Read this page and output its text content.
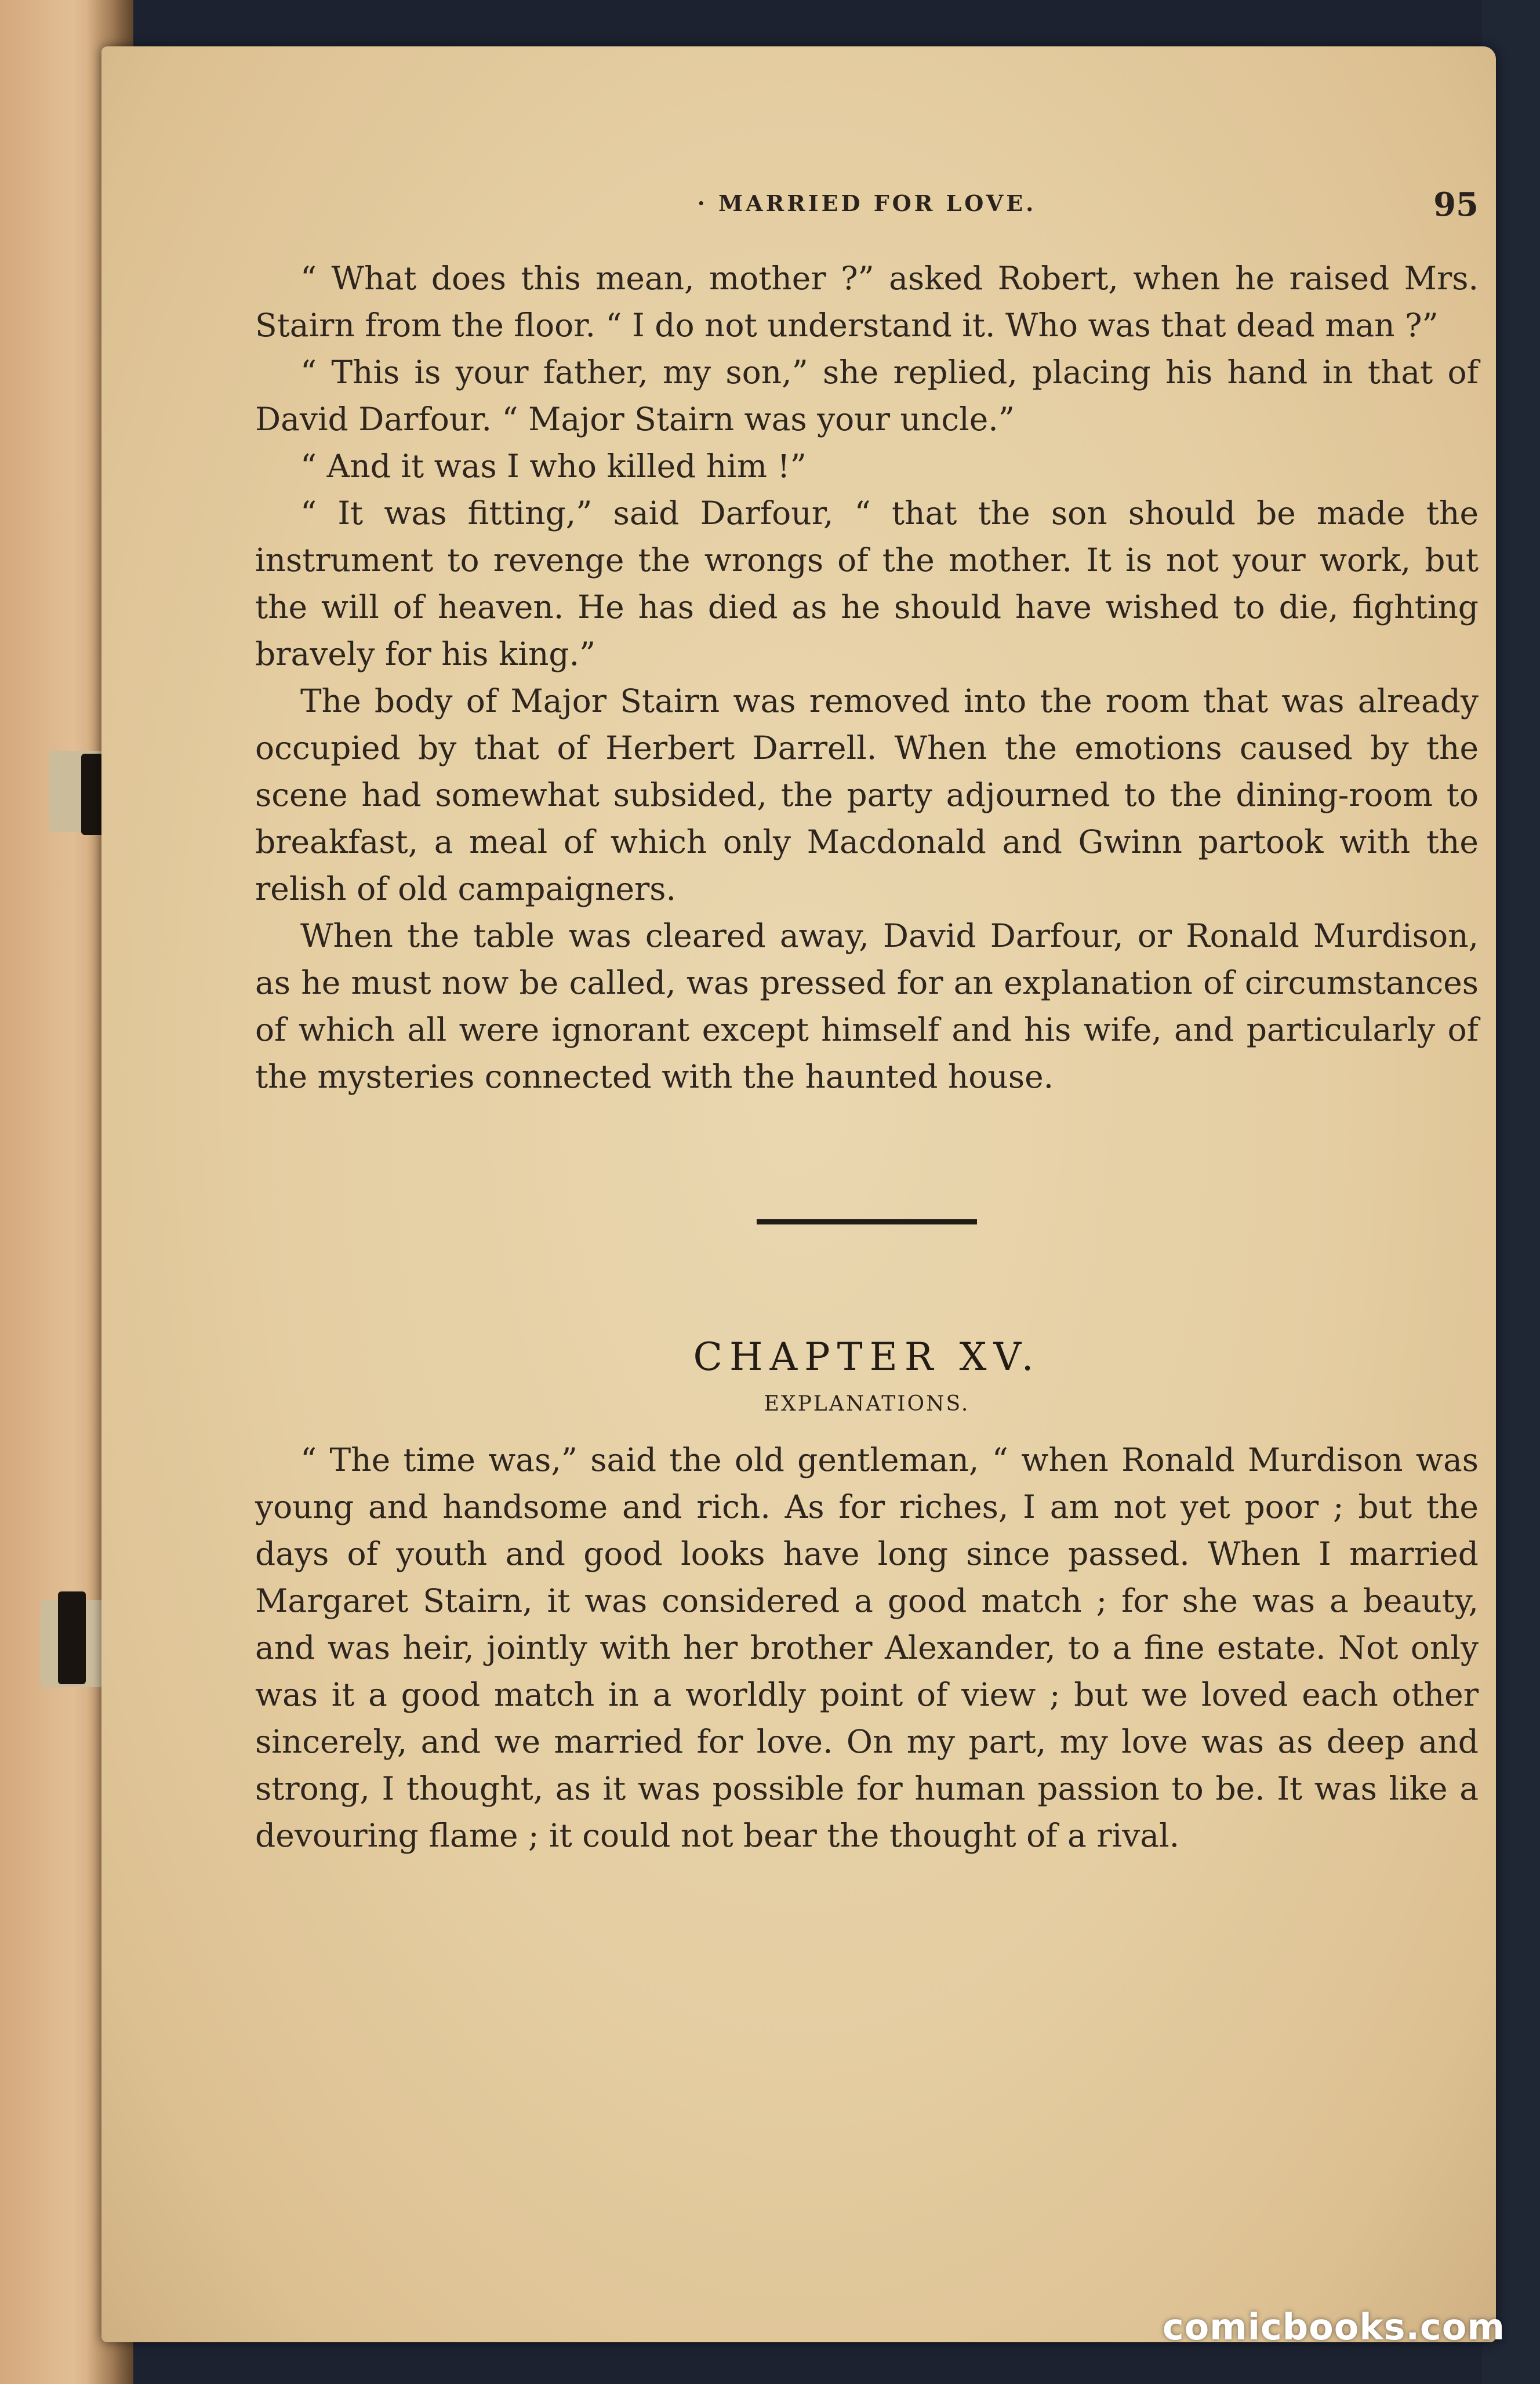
· MARRIED FOR LOVE.	95

“ What does this mean, mother ?” asked Robert, when he raised Mrs. Stairn from the floor. “ I do not understand it. Who was that dead man ?”

“ This is your father, my son,” she replied, placing his hand in that of David Darfour. “ Major Stairn was your uncle.”

“ And it was I who killed him !”

“ It was fitting,” said Darfour, “ that the son should be made the instrument to revenge the wrongs of the mother. It is not your work, but the will of heaven. He has died as he should have wished to die, fighting bravely for his king.”

The body of Major Stairn was removed into the room that was already occupied by that of Herbert Darrell. When the emotions caused by the scene had somewhat subsided, the party adjourned to the dining-room to breakfast, a meal of which only Macdonald and Gwinn partook with the relish of old campaigners.

When the table was cleared away, David Darfour, or Ronald Murdison, as he must now be called, was pressed for an explanation of circumstances of which all were ignorant except himself and his wife, and particularly of the mysteries connected with the haunted house.

CHAPTER XV.
EXPLANATIONS.

“ The time was,” said the old gentleman, “ when Ronald Murdison was young and handsome and rich. As for riches, I am not yet poor ; but the days of youth and good looks have long since passed. When I married Margaret Stairn, it was considered a good match ; for she was a beauty, and was heir, jointly with her brother Alexander, to a fine estate. Not only was it a good match in a worldly point of view ; but we loved each other sincerely, and we married for love. On my part, my love was as deep and strong, I thought, as it was possible for human passion to be. It was like a devouring flame ; it could not bear the thought of a rival.

comicbooks.com
